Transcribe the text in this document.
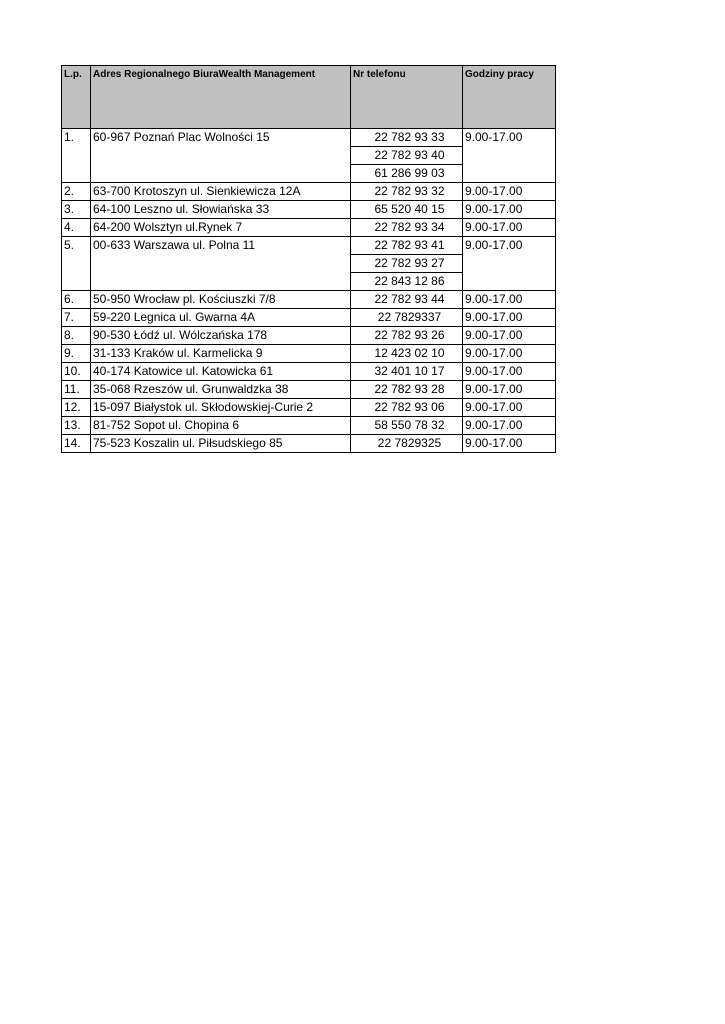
L.p.	Adres Regionalnego BiuraWealth Management	Nr telefonu	Godziny pracy
1.	60-967 Poznań Plac Wolności 15	22 782 93 33	9.00-17.00
		22 782 93 40	
		61 286 99 03	
2.	63-700 Krotoszyn ul. Sienkiewicza 12A	22 782 93 32	9.00-17.00
3.	64-100 Leszno ul. Słowiańska 33	65 520 40 15	9.00-17.00
4.	64-200 Wolsztyn ul.Rynek 7	22 782 93 34	9.00-17.00
5.	00-633 Warszawa ul. Polna 11	22 782 93 41	9.00-17.00
		22 782 93 27	
		22 843 12 86	
6.	50-950 Wrocław pl. Kościuszki 7/8	22 782 93 44	9.00-17.00
7.	59-220 Legnica ul. Gwarna 4A	22 7829337	9.00-17.00
8.	90-530 Łódź ul. Wólczańska 178	22 782 93 26	9.00-17.00
9.	31-133 Kraków ul. Karmelicka 9	12 423 02 10	9.00-17.00
10.	40-174 Katowice ul. Katowicka 61	32 401 10 17	9.00-17.00
11.	35-068 Rzeszów ul. Grunwaldzka 38	22 782 93 28	9.00-17.00
12.	15-097 Białystok ul. Skłodowskiej-Curie 2	22 782 93 06	9.00-17.00
13.	81-752 Sopot ul. Chopina 6	58 550 78 32	9.00-17.00
14.	75-523 Koszalin ul. Piłsudskiego 85	22 7829325	9.00-17.00
